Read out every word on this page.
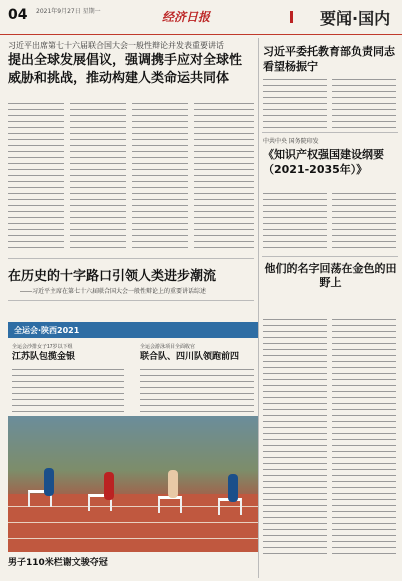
04 2021年9月27日 星期一	经济日报	要闻·国内
习近平出席第七十六届联合国大会一般性辩论并发表重要讲话
提出全球发展倡议，强调携手应对全球性
威胁和挑战，推动构建人类命运共同体
习近平委托教育部负责同志看望杨振宁
中共中央 国务院印发
《知识产权强国建设纲要（2021-2035年）》
他们的名字回荡在金色的田野上
在历史的十字路口引领人类进步潮流
——习近平主席在第七十六届联合国大会一般性辩论上的重要讲话综述
全运会·陕西2021
全运会沙排女子17岁以下组
江苏队包揽金银
全运会游泳项目全面收官
联合队、四川队领跑前四
男子110米栏谢文骏夺冠
